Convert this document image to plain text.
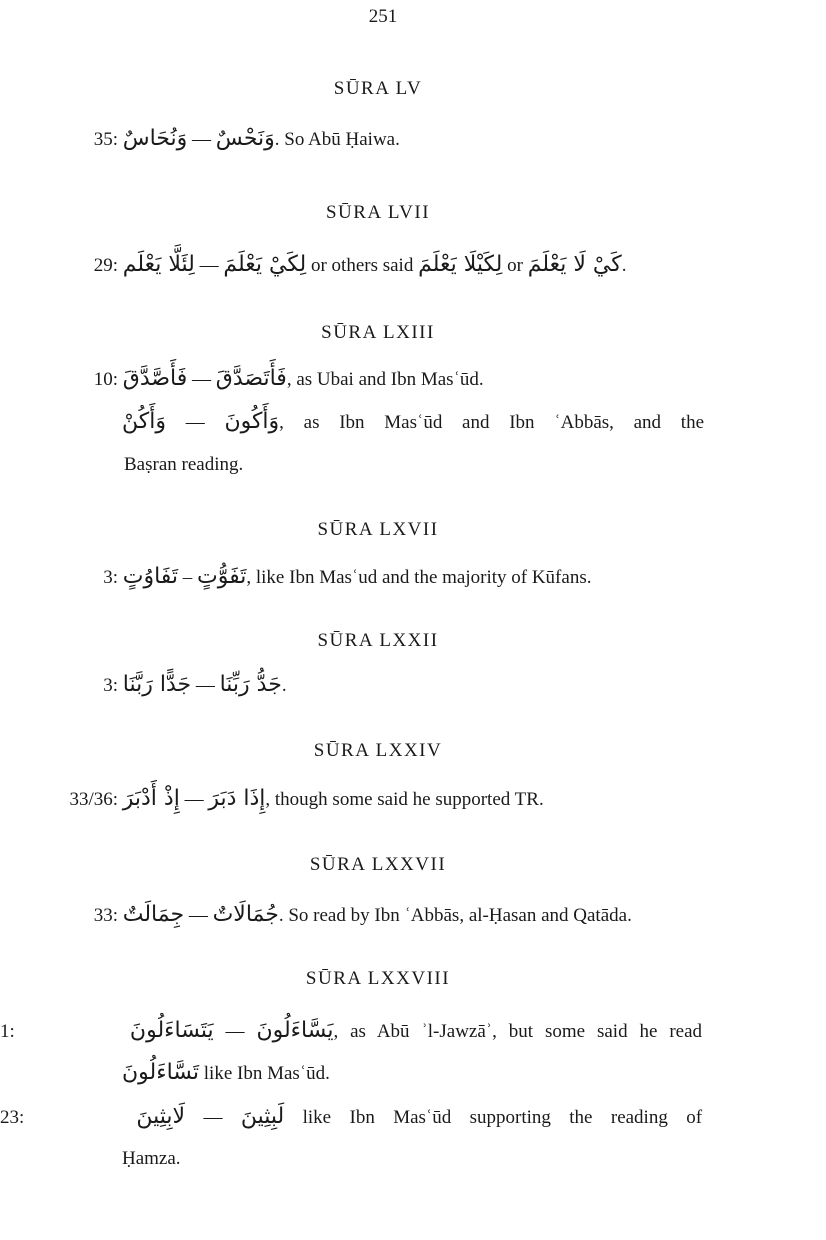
251
SŪRA LV
35: وَنُحَاسٌ — وَنَحْسٌ. So Abū Ḥaiwa.
SŪRA LVII
29: لِئَلَّا يَعْلَم — لِكَيْ يَعْلَمَ or others said لِكَيْلَا يَعْلَمَ or كَيْ لَا يَعْلَمَ.
SŪRA LXIII
10: فَأَصَّدَّقَ — فَأَتَصَدَّقَ, as Ubai and Ibn Masʿūd.
وَأَكُنْ — وَأَكُونَ, as Ibn Masʿūd and Ibn ʿAbbās, and the
Baṣran reading.
SŪRA LXVII
3: تَفَاوُتٍ – تَفَوُّتٍ, like Ibn Masʿud and the majority of Kūfans.
SŪRA LXXII
3: جَدًّا رَبَّنَا — جَدُّ رَبِّنَا.
SŪRA LXXIV
33/36: إِذْ أَدْبَرَ — إِذَا دَبَرَ, though some said he supported TR.
SŪRA LXXVII
33: جِمَالَتٌ — جُمَالَاتٌ. So read by Ibn ʿAbbās, al-Ḥasan and Qatāda.
SŪRA LXXVIII
1:	يَتَسَاءَلُونَ — يَسَّاءَلُونَ, as Abū ʾl-Jawzāʾ, but some said he read
تَسَّاءَلُونَ like Ibn Masʿūd.
23:	لَابِثِينَ — لَبِثِينَ like Ibn Masʿūd supporting the reading of
Ḥamza.
